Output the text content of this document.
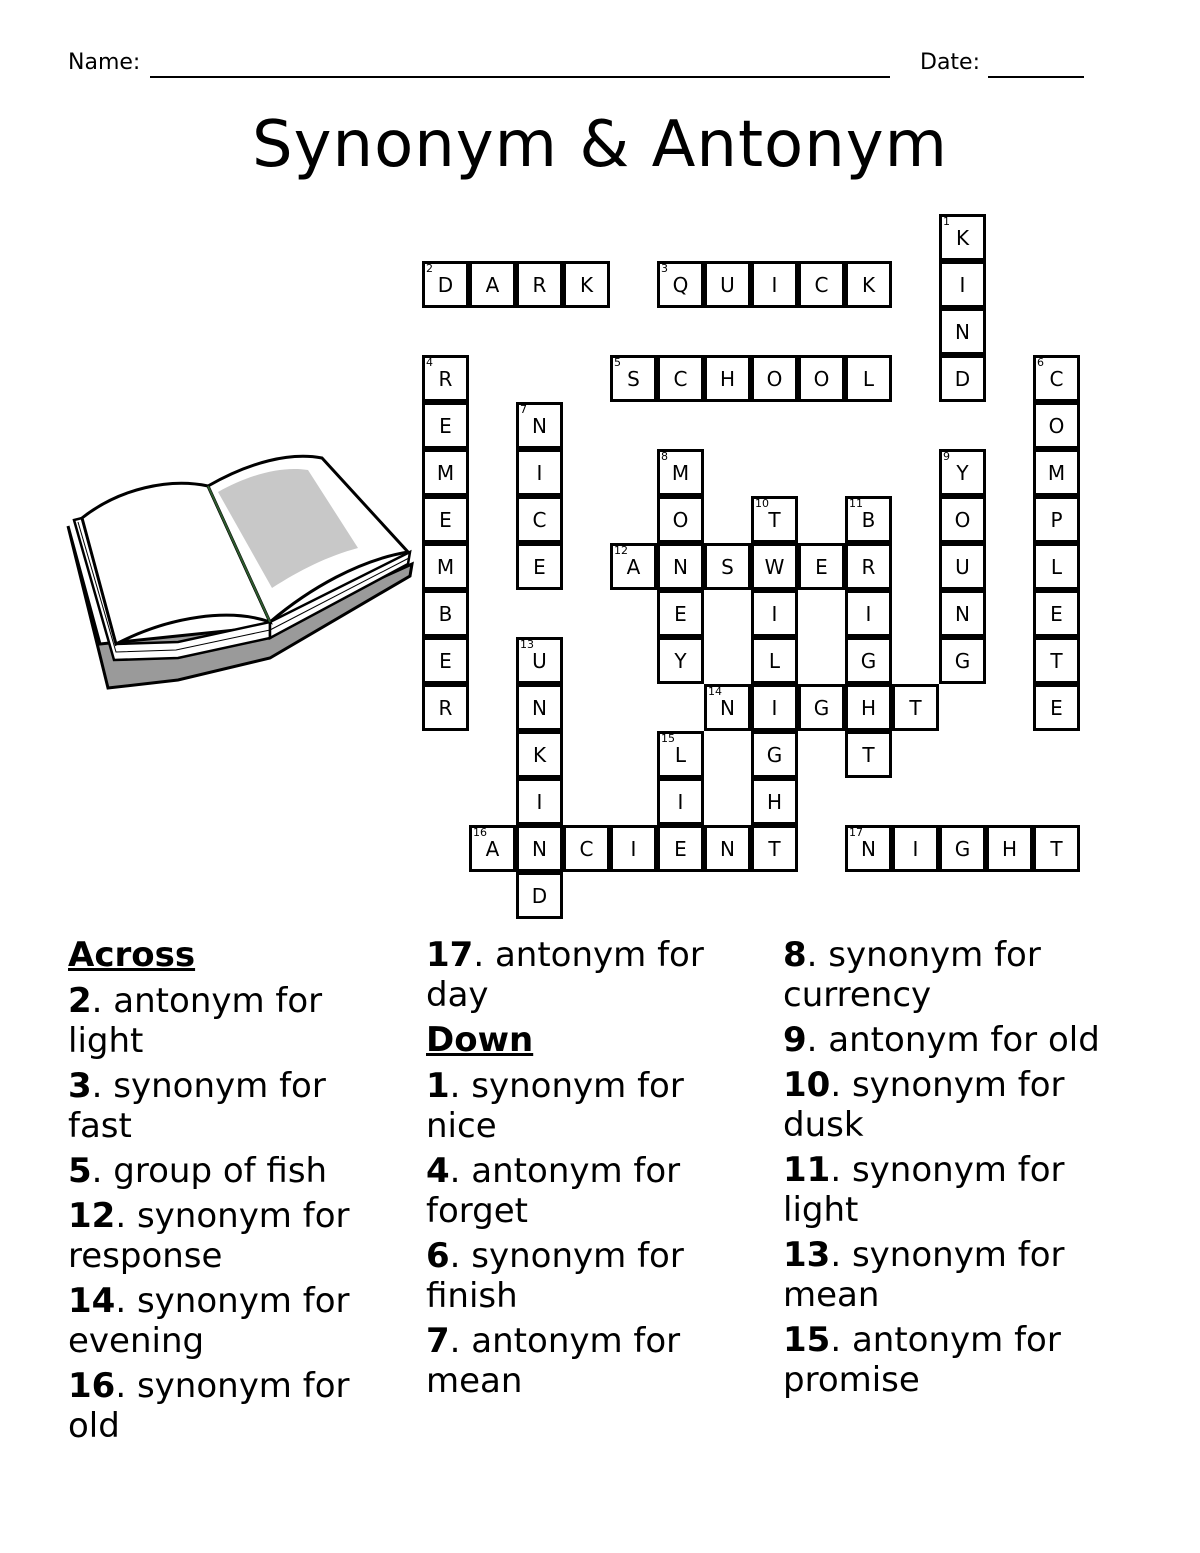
Name:	Date:
Synonym & Antonym
1
K
2
D	A	R	K
3
Q	U	I	C	K	I
N
4
R
5
S	C	H	O	O	L	D
6
C
E
7
N	O
M	I
8
M
9
Y	M
E	C	O
10
T
11
B	O	P
M	E
12
A	N	S	W	E	R	U	L
B	E	I	I	N	E
E
13
U	Y	L	G	G	T
R	N
14
N	I	G	H	T	E
K
15
L	G	T
I	I	H
16
A	N	C	I	E	N	T
17
N	I	G	H	T
D
Across
2. antonym for light
3. synonym for fast
5. group of fish
12. synonym for response
14. synonym for evening
16. synonym for old
17. antonym for day
Down
1. synonym for nice
4. antonym for forget
6. synonym for finish
7. antonym for mean
8. synonym for currency
9. antonym for old
10. synonym for dusk
11. synonym for light
13. synonym for mean
15. antonym for promise
